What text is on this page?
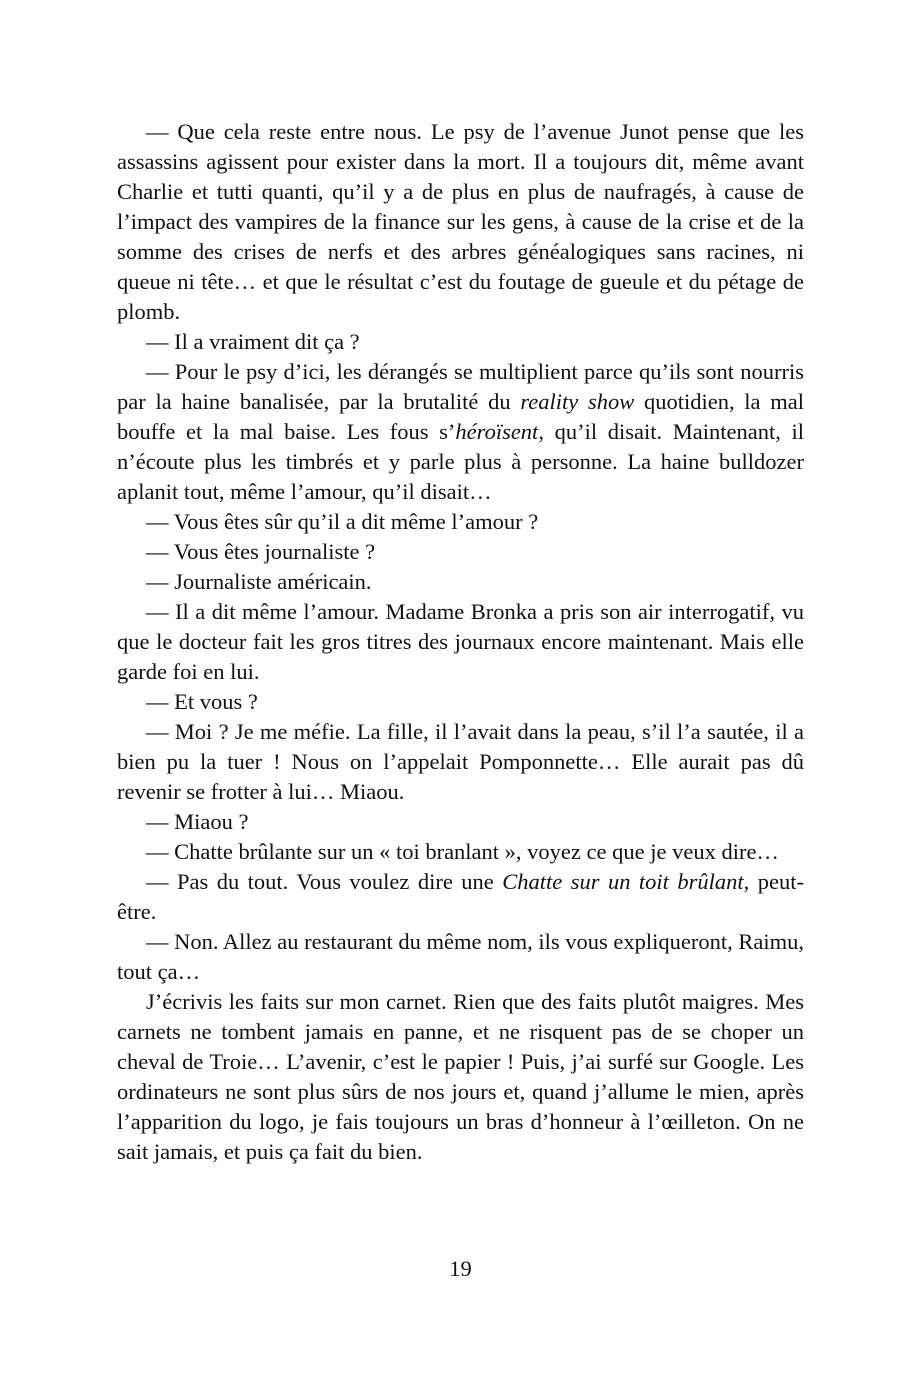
— Que cela reste entre nous. Le psy de l’avenue Junot pense que les assassins agissent pour exister dans la mort. Il a toujours dit, même avant Charlie et tutti quanti, qu’il y a de plus en plus de naufragés, à cause de l’impact des vampires de la finance sur les gens, à cause de la crise et de la somme des crises de nerfs et des arbres généalogiques sans racines, ni queue ni tête… et que le résultat c’est du foutage de gueule et du pétage de plomb.

— Il a vraiment dit ça ?

— Pour le psy d’ici, les dérangés se multiplient parce qu’ils sont nourris par la haine banalisée, par la brutalité du reality show quotidien, la mal bouffe et la mal baise. Les fous s’héroïsent, qu’il disait. Maintenant, il n’écoute plus les timbrés et y parle plus à personne. La haine bulldozer aplanit tout, même l’amour, qu’il disait…

— Vous êtes sûr qu’il a dit même l’amour ?

— Vous êtes journaliste ?

— Journaliste américain.

— Il a dit même l’amour. Madame Bronka a pris son air interrogatif, vu que le docteur fait les gros titres des journaux encore maintenant. Mais elle garde foi en lui.

— Et vous ?

— Moi ? Je me méfie. La fille, il l’avait dans la peau, s’il l’a sautée, il a bien pu la tuer ! Nous on l’appelait Pomponnette… Elle aurait pas dû revenir se frotter à lui… Miaou.

— Miaou ?

— Chatte brûlante sur un « toi branlant », voyez ce que je veux dire…

— Pas du tout. Vous voulez dire une Chatte sur un toit brûlant, peut-être.

— Non. Allez au restaurant du même nom, ils vous expliqueront, Raimu, tout ça…

J’écrivis les faits sur mon carnet. Rien que des faits plutôt maigres. Mes carnets ne tombent jamais en panne, et ne risquent pas de se choper un cheval de Troie… L’avenir, c’est le papier ! Puis, j’ai surfé sur Google. Les ordinateurs ne sont plus sûrs de nos jours et, quand j’allume le mien, après l’apparition du logo, je fais toujours un bras d’honneur à l’œilleton. On ne sait jamais, et puis ça fait du bien.

19
